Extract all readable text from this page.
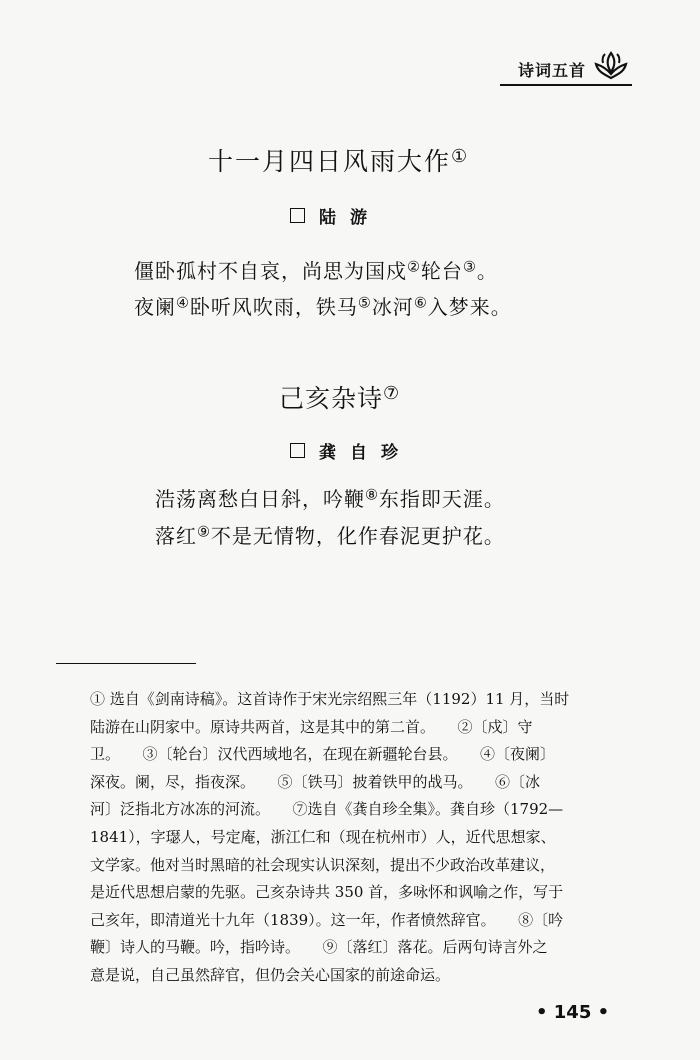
诗词五首
十一月四日风雨大作①
陆游
僵卧孤村不自哀，尚思为国戍②轮台③。
夜阑④卧听风吹雨，铁马⑤冰河⑥入梦来。
己亥杂诗⑦
龚自珍
浩荡离愁白日斜，吟鞭⑧东指即天涯。
落红⑨不是无情物，化作春泥更护花。
① 选自《剑南诗稿》。这首诗作于宋光宗绍熙三年（1192）11 月，当时
陆游在山阴家中。原诗共两首，这是其中的第二首。　　②〔戍〕守
卫。　　③〔轮台〕汉代西域地名，在现在新疆轮台县。　　④〔夜阑〕
深夜。阑，尽，指夜深。　　⑤〔铁马〕披着铁甲的战马。　　⑥〔冰
河〕泛指北方冰冻的河流。　　⑦选自《龚自珍全集》。龚自珍（1792—
1841），字璱人，号定庵，浙江仁和（现在杭州市）人，近代思想家、
文学家。他对当时黑暗的社会现实认识深刻，提出不少政治改革建议，
是近代思想启蒙的先驱。己亥杂诗共 350 首，多咏怀和讽喻之作，写于
己亥年，即清道光十九年（1839）。这一年，作者愤然辞官。　　⑧〔吟
鞭〕诗人的马鞭。吟，指吟诗。　　⑨〔落红〕落花。后两句诗言外之
意是说，自己虽然辞官，但仍会关心国家的前途命运。
• 145 •
